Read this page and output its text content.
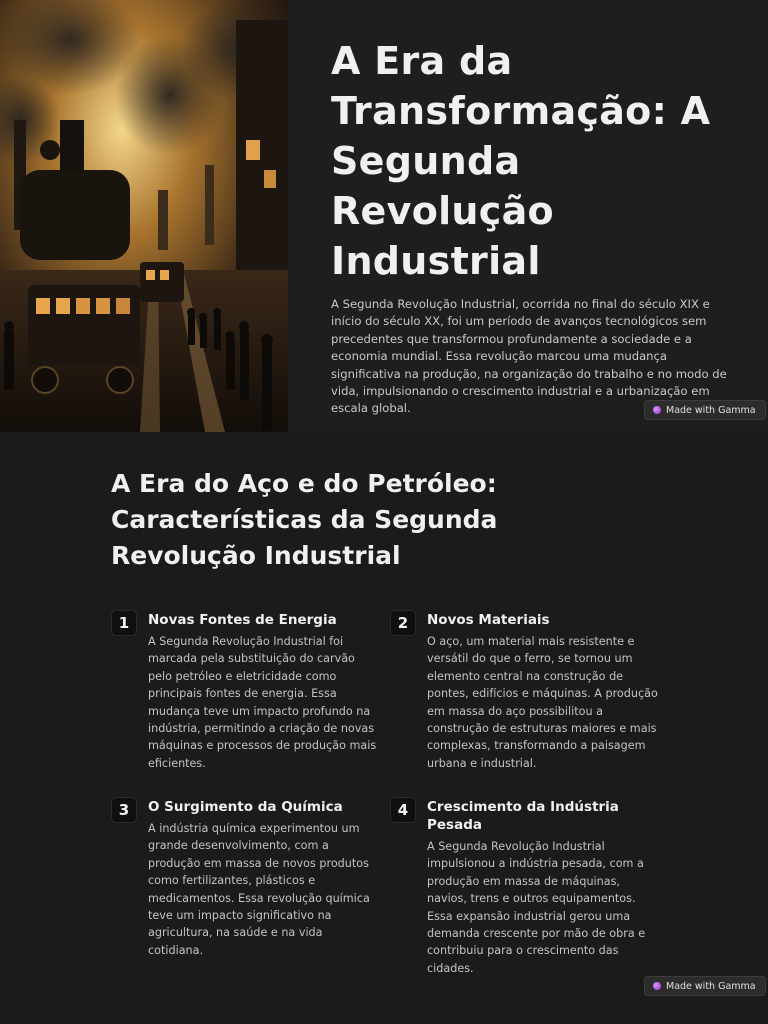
A Era da Transformação: A Segunda Revolução Industrial

A Segunda Revolução Industrial, ocorrida no final do século XIX e início do século XX, foi um período de avanços tecnológicos sem precedentes que transformou profundamente a sociedade e a economia mundial. Essa revolução marcou uma mudança significativa na produção, na organização do trabalho e no modo de vida, impulsionando o crescimento industrial e a urbanização em escala global.	Made with Gamma
A Era do Aço e do Petróleo: Características da Segunda Revolução Industrial
1	Novas Fontes de Energia

A Segunda Revolução Industrial foi marcada pela substituição do carvão pelo petróleo e eletricidade como principais fontes de energia. Essa mudança teve um impacto profundo na indústria, permitindo a criação de novas máquinas e processos de produção mais eficientes.

2	Novos Materiais

O aço, um material mais resistente e versátil do que o ferro, se tornou um elemento central na construção de pontes, edifícios e máquinas. A produção em massa do aço possibilitou a construção de estruturas maiores e mais complexas, transformando a paisagem urbana e industrial.

3	O Surgimento da Química

A indústria química experimentou um grande desenvolvimento, com a produção em massa de novos produtos como fertilizantes, plásticos e medicamentos. Essa revolução química teve um impacto significativo na agricultura, na saúde e na vida cotidiana.

4	Crescimento da Indústria Pesada

A Segunda Revolução Industrial impulsionou a indústria pesada, com a produção em massa de máquinas, navios, trens e outros equipamentos. Essa expansão industrial gerou uma demanda crescente por mão de obra e contribuiu para o crescimento das cidades.

Made with Gamma
